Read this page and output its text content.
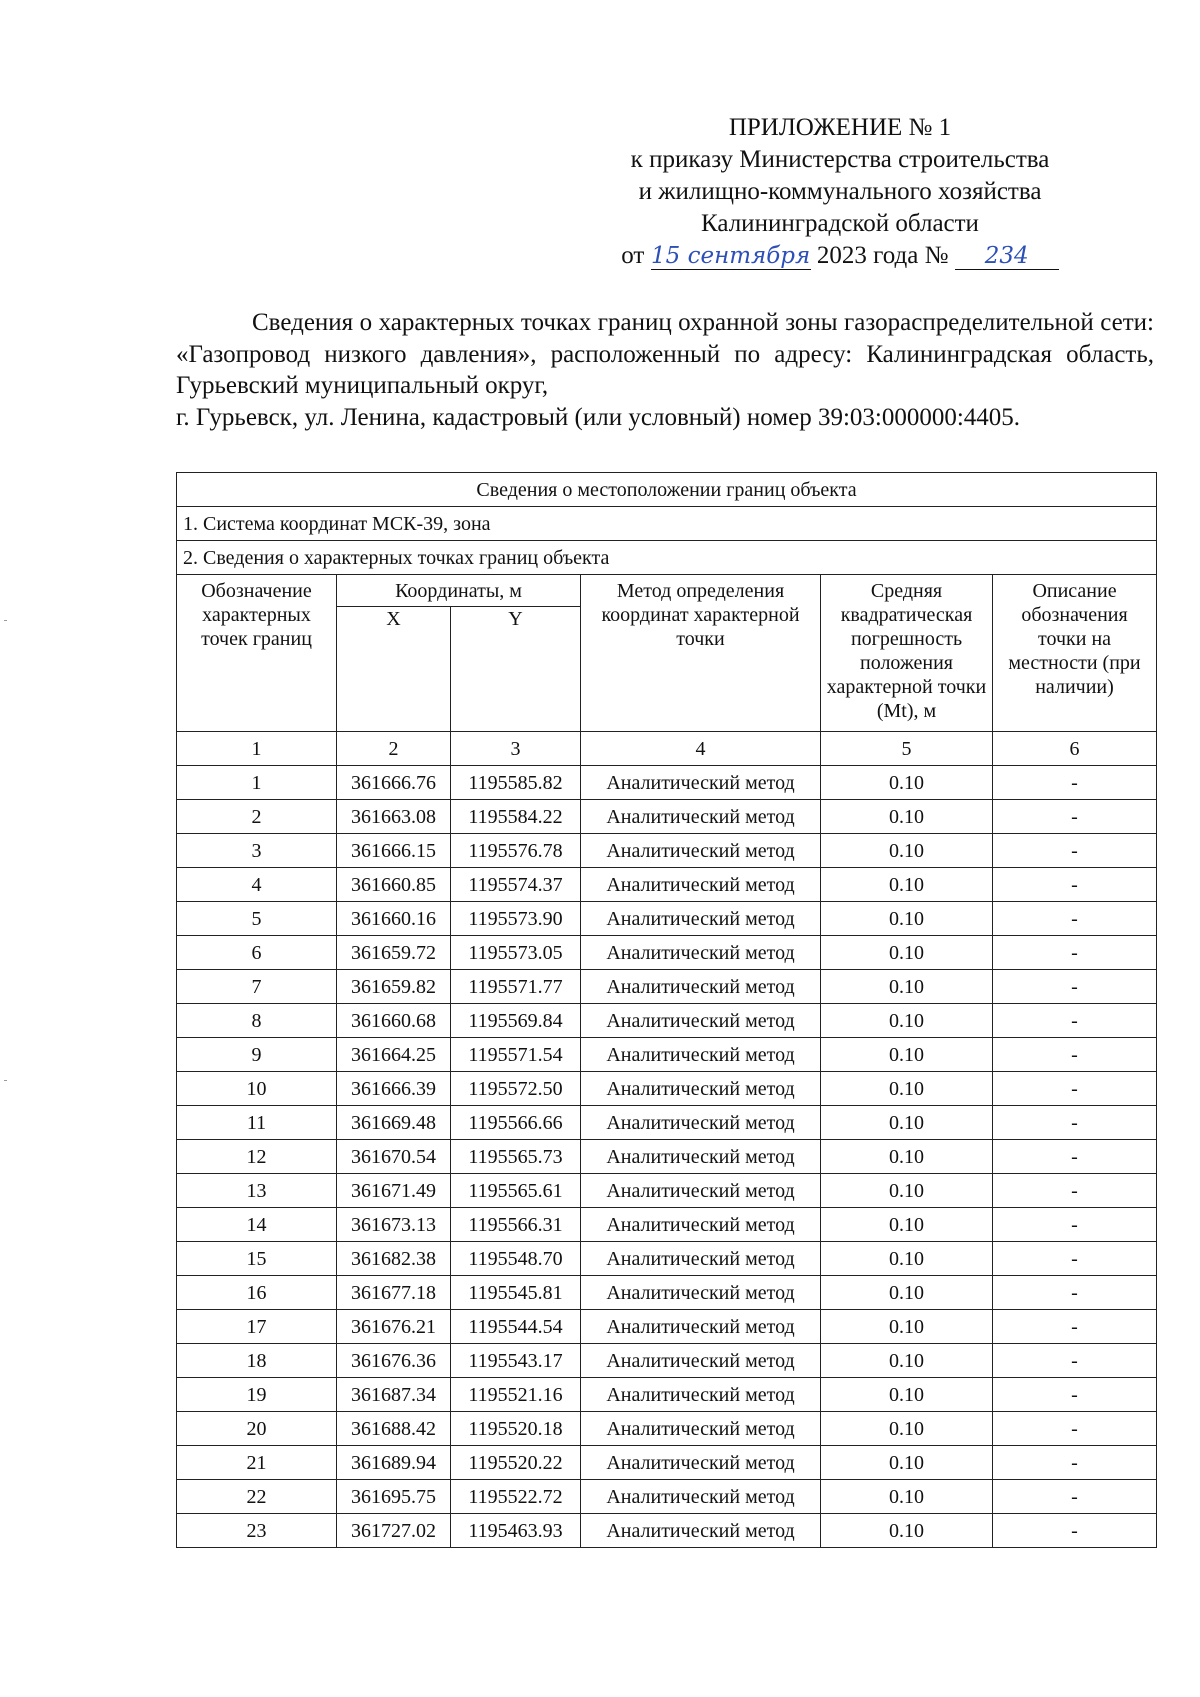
ПРИЛОЖЕНИЕ № 1
к приказу Министерства строительства
и жилищно-коммунального хозяйства
Калининградской области
от 15 сентября 2023 года № 234
Сведения о характерных точках границ охранной зоны газораспределительной сети: «Газопровод низкого давления», расположенный по адресу: Калининградская область, Гурьевский муниципальный округ,
г. Гурьевск, ул. Ленина, кадастровый (или условный) номер 39:03:000000:4405.
Сведения о местоположении границ объекта					
1. Система координат МСК-39, зона					
2. Сведения о характерных точках границ объекта					
Обозначение характерных точек границ	Координаты, м		Метод определения координат характерной точки	Средняя квадратическая погрешность положения характерной точки (Mt), м	Описание обозначения точки на местности (при наличии)
	X	Y			
1	2	3	4	5	6
1	361666.76	1195585.82	Аналитический метод	0.10	-
2	361663.08	1195584.22	Аналитический метод	0.10	-
3	361666.15	1195576.78	Аналитический метод	0.10	-
4	361660.85	1195574.37	Аналитический метод	0.10	-
5	361660.16	1195573.90	Аналитический метод	0.10	-
6	361659.72	1195573.05	Аналитический метод	0.10	-
7	361659.82	1195571.77	Аналитический метод	0.10	-
8	361660.68	1195569.84	Аналитический метод	0.10	-
9	361664.25	1195571.54	Аналитический метод	0.10	-
10	361666.39	1195572.50	Аналитический метод	0.10	-
11	361669.48	1195566.66	Аналитический метод	0.10	-
12	361670.54	1195565.73	Аналитический метод	0.10	-
13	361671.49	1195565.61	Аналитический метод	0.10	-
14	361673.13	1195566.31	Аналитический метод	0.10	-
15	361682.38	1195548.70	Аналитический метод	0.10	-
16	361677.18	1195545.81	Аналитический метод	0.10	-
17	361676.21	1195544.54	Аналитический метод	0.10	-
18	361676.36	1195543.17	Аналитический метод	0.10	-
19	361687.34	1195521.16	Аналитический метод	0.10	-
20	361688.42	1195520.18	Аналитический метод	0.10	-
21	361689.94	1195520.22	Аналитический метод	0.10	-
22	361695.75	1195522.72	Аналитический метод	0.10	-
23	361727.02	1195463.93	Аналитический метод	0.10	-
